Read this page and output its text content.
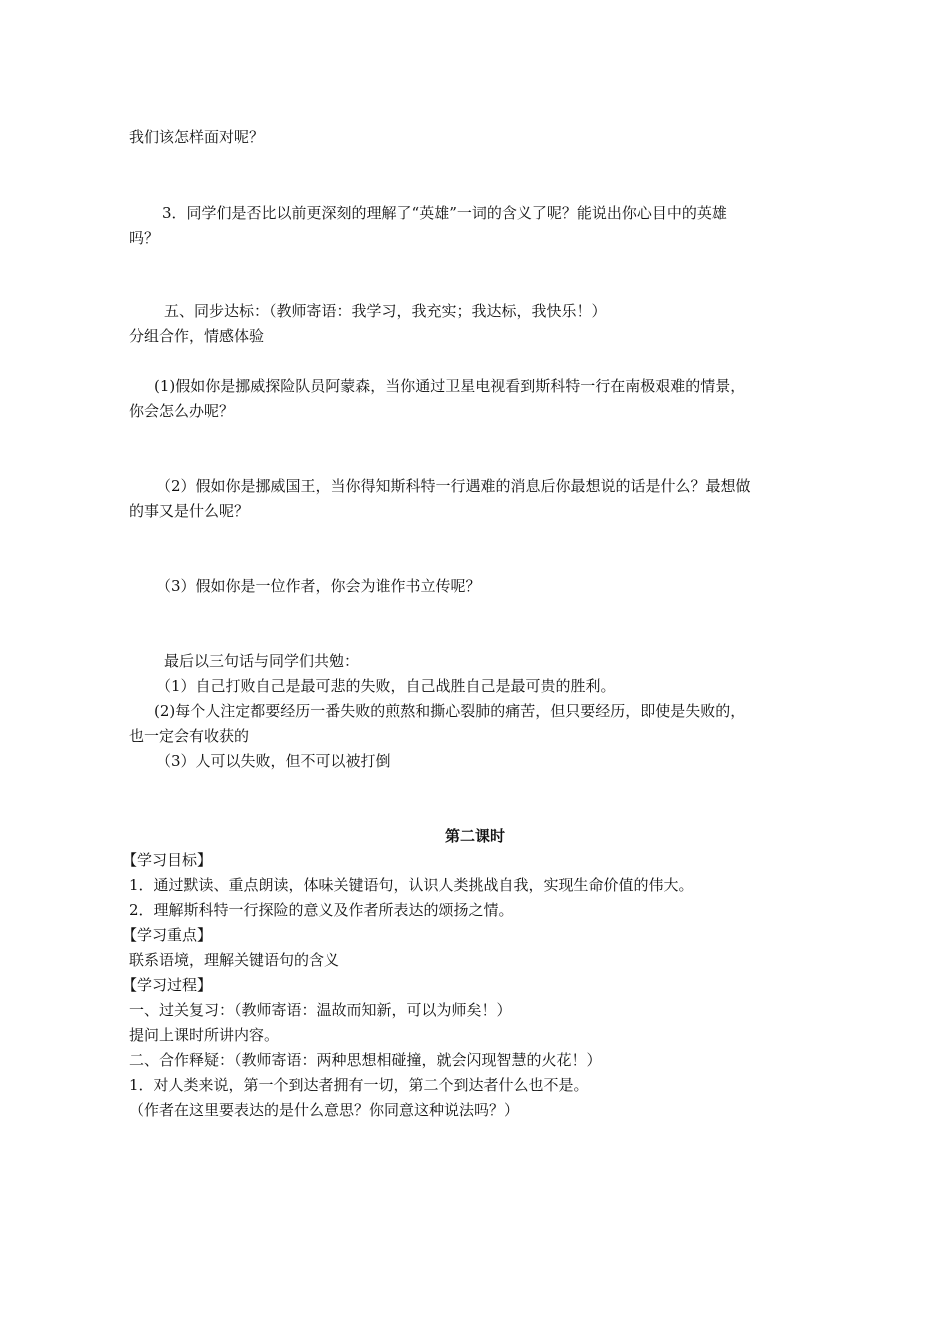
我们该怎样面对呢？
3．同学们是否比以前更深刻的理解了“英雄”一词的含义了呢？能说出你心目中的英雄
吗？
五、同步达标：（教师寄语：我学习，我充实；我达标，我快乐！）
分组合作，情感体验
(1)假如你是挪威探险队员阿蒙森，当你通过卫星电视看到斯科特一行在南极艰难的情景，
你会怎么办呢？
（2）假如你是挪威国王，当你得知斯科特一行遇难的消息后你最想说的话是什么？最想做
的事又是什么呢？
（3）假如你是一位作者，你会为谁作书立传呢？
最后以三句话与同学们共勉：
（1）自己打败自己是最可悲的失败，自己战胜自己是最可贵的胜利。
(2)每个人注定都要经历一番失败的煎熬和撕心裂肺的痛苦，但只要经历，即使是失败的，
也一定会有收获的
（3）人可以失败，但不可以被打倒
第二课时
【学习目标】
1．通过默读、重点朗读，体味关键语句，认识人类挑战自我，实现生命价值的伟大。
2．理解斯科特一行探险的意义及作者所表达的颂扬之情。
【学习重点】
联系语境，理解关键语句的含义
【学习过程】
一、过关复习：（教师寄语：温故而知新，可以为师矣！）
提问上课时所讲内容。
二、合作释疑：（教师寄语：两种思想相碰撞，就会闪现智慧的火花！）
1．对人类来说，第一个到达者拥有一切，第二个到达者什么也不是。
（作者在这里要表达的是什么意思？你同意这种说法吗？）
